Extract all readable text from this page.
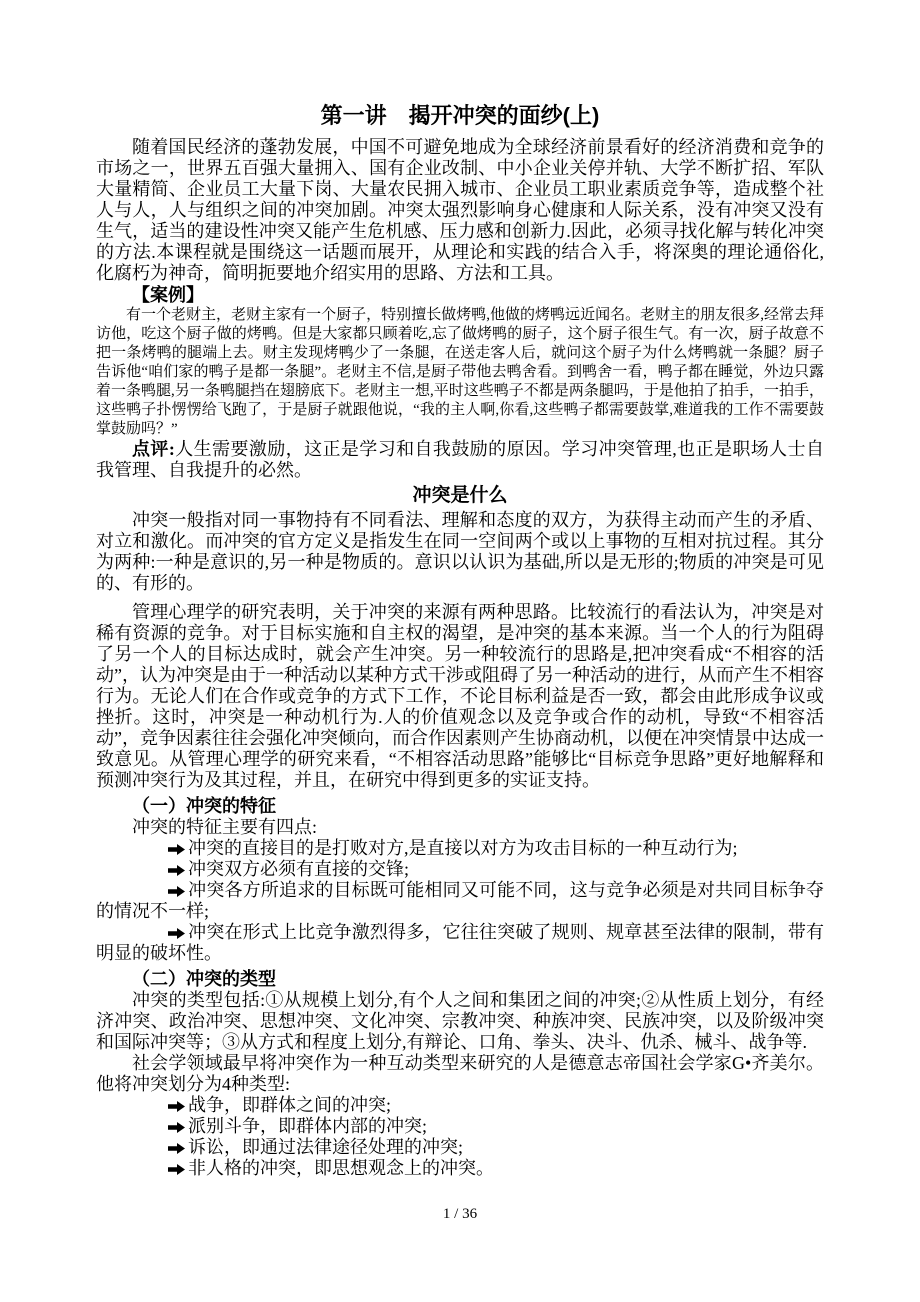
第一讲　揭开冲突的面纱(上)

随着国民经济的蓬勃发展，中国不可避免地成为全球经济前景看好的经济消费和竞争的市场之一，世界五百强大量拥入、国有企业改制、中小企业关停并轨、大学不断扩招、军队大量精简、企业员工大量下岗、大量农民拥入城市、企业员工职业素质竞争等，造成整个社人与人，人与组织之间的冲突加剧。冲突太强烈影响身心健康和人际关系，没有冲突又没有生气，适当的建设性冲突又能产生危机感、压力感和创新力.因此，必须寻找化解与转化冲突的方法.本课程就是围绕这一话题而展开，从理论和实践的结合入手，将深奥的理论通俗化,化腐朽为神奇，简明扼要地介绍实用的思路、方法和工具。

【案例】

有一个老财主，老财主家有一个厨子，特别擅长做烤鸭,他做的烤鸭远近闻名。老财主的朋友很多,经常去拜访他，吃这个厨子做的烤鸭。但是大家都只顾着吃,忘了做烤鸭的厨子，这个厨子很生气。有一次，厨子故意不把一条烤鸭的腿端上去。财主发现烤鸭少了一条腿，在送走客人后，就问这个厨子为什么烤鸭就一条腿？厨子告诉他“咱们家的鸭子是都一条腿”。老财主不信,是厨子带他去鸭舍看。到鸭舍一看，鸭子都在睡觉，外边只露着一条鸭腿,另一条鸭腿挡在翅膀底下。老财主一想,平时这些鸭子不都是两条腿吗，于是他拍了拍手，一拍手，这些鸭子扑愣愣给飞跑了，于是厨子就跟他说，“我的主人啊,你看,这些鸭子都需要鼓掌,难道我的工作不需要鼓掌鼓励吗？”

点评:人生需要激励，这正是学习和自我鼓励的原因。学习冲突管理,也正是职场人士自我管理、自我提升的必然。

冲突是什么

冲突一般指对同一事物持有不同看法、理解和态度的双方，为获得主动而产生的矛盾、对立和激化。而冲突的官方定义是指发生在同一空间两个或以上事物的互相对抗过程。其分为两种:一种是意识的,另一种是物质的。意识以认识为基础,所以是无形的;物质的冲突是可见的、有形的。

管理心理学的研究表明，关于冲突的来源有两种思路。比较流行的看法认为，冲突是对稀有资源的竞争。对于目标实施和自主权的渴望，是冲突的基本来源。当一个人的行为阻碍了另一个人的目标达成时，就会产生冲突。另一种较流行的思路是,把冲突看成“不相容的活动”，认为冲突是由于一种活动以某种方式干涉或阻碍了另一种活动的进行，从而产生不相容行为。无论人们在合作或竞争的方式下工作，不论目标利益是否一致，都会由此形成争议或挫折。这时，冲突是一种动机行为.人的价值观念以及竞争或合作的动机，导致“不相容活动”，竞争因素往往会强化冲突倾向，而合作因素则产生协商动机，以便在冲突情景中达成一致意见。从管理心理学的研究来看，“不相容活动思路”能够比“目标竞争思路”更好地解释和预测冲突行为及其过程，并且，在研究中得到更多的实证支持。

（一）冲突的特征

冲突的特征主要有四点:

冲突的直接目的是打败对方,是直接以对方为攻击目标的一种互动行为;

冲突双方必须有直接的交锋;

冲突各方所追求的目标既可能相同又可能不同，这与竞争必须是对共同目标争夺的情况不一样;

冲突在形式上比竞争激烈得多，它往往突破了规则、规章甚至法律的限制，带有明显的破坏性。

（二）冲突的类型

冲突的类型包括:①从规模上划分,有个人之间和集团之间的冲突;②从性质上划分，有经济冲突、政治冲突、思想冲突、文化冲突、宗教冲突、种族冲突、民族冲突，以及阶级冲突和国际冲突等；③从方式和程度上划分,有辩论、口角、拳头、决斗、仇杀、械斗、战争等.

社会学领域最早将冲突作为一种互动类型来研究的人是德意志帝国社会学家G•齐美尔。他将冲突划分为4种类型:

战争，即群体之间的冲突;

派别斗争，即群体内部的冲突;

诉讼，即通过法律途径处理的冲突;

非人格的冲突，即思想观念上的冲突。

1 / 36
